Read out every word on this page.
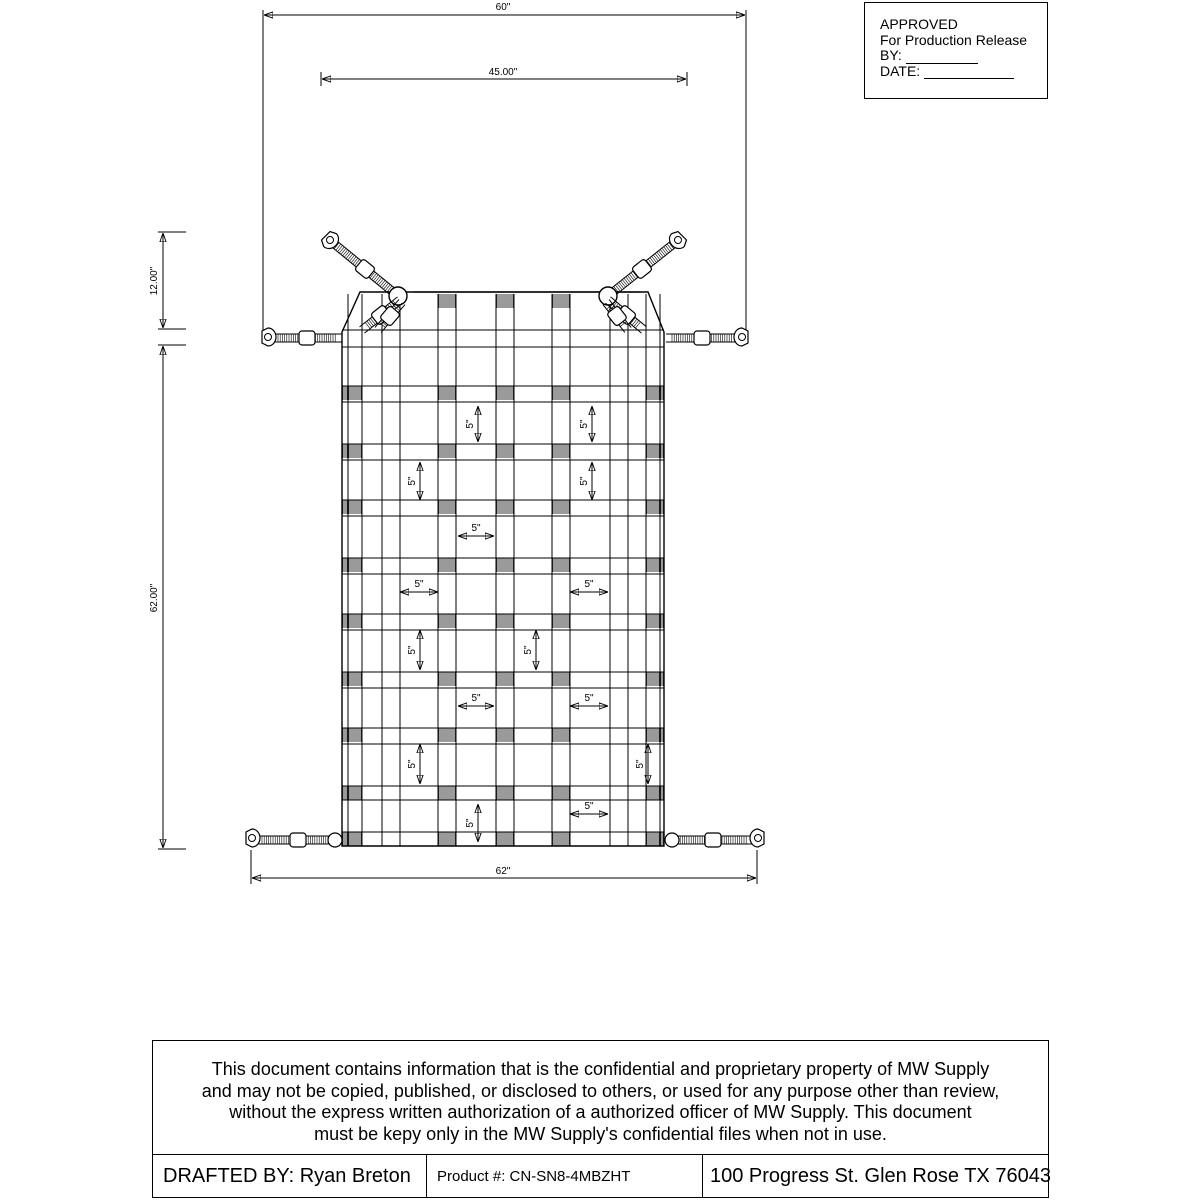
60"
45.00"
12.00"
62.00"
62"
5"	5"
5"	5"
5"	5"
5"	5"
5"
5"
5"	5"
5"	5"
5"
APPROVED
For Production Release
BY:
DATE:
This document contains information that is the confidential and proprietary property of MW Supply
and may not be copied, published, or disclosed to others, or used for any purpose other than review,
without the express written authorization of a authorized officer of MW Supply. This document
must be kepy only in the MW Supply's confidential files when not in use.
DRAFTED BY: Ryan Breton	Product #: CN-SN8-4MBZHT	100 Progress St. Glen Rose TX 76043
